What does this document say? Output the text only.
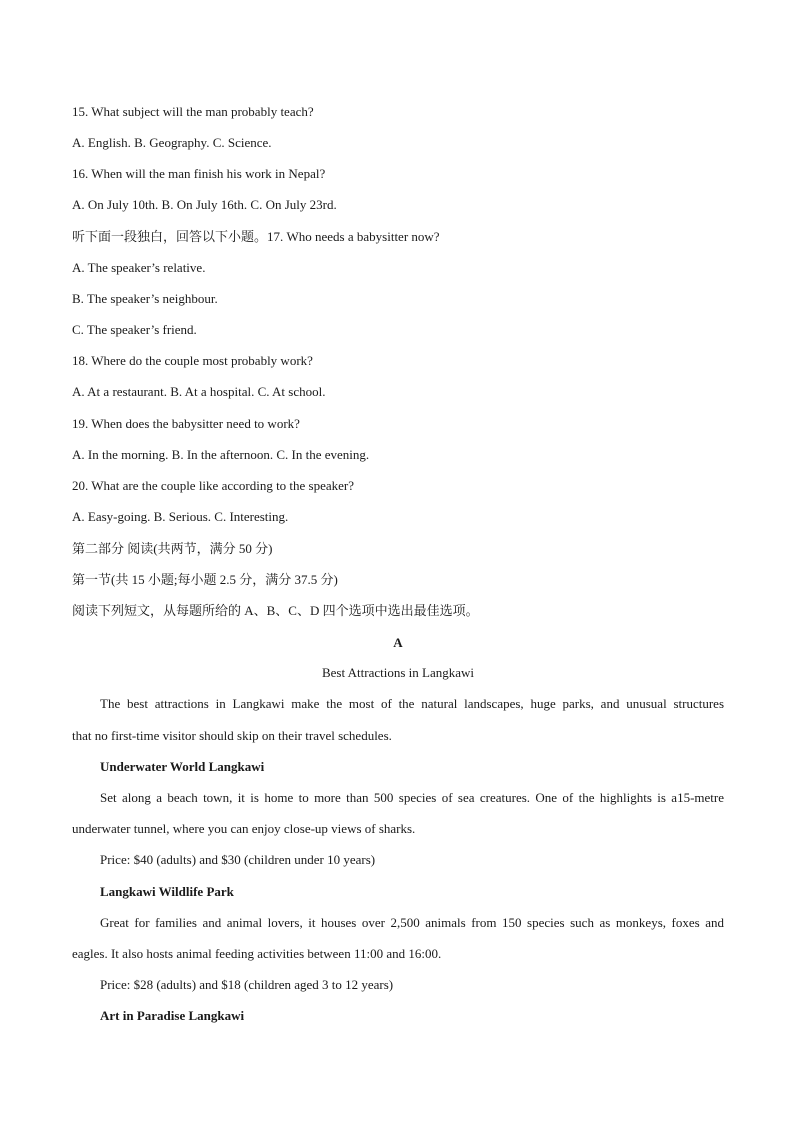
15. What subject will the man probably teach?
A. English. B. Geography. C. Science.
16. When will the man finish his work in Nepal?
A. On July 10th. B. On July 16th. C. On July 23rd.
听下面一段独白，回答以下小题。17. Who needs a babysitter now?
A. The speaker’s relative.
B. The speaker’s neighbour.
C. The speaker’s friend.
18. Where do the couple most probably work?
A. At a restaurant. B. At a hospital. C. At school.
19. When does the babysitter need to work?
A. In the morning. B. In the afternoon. C. In the evening.
20. What are the couple like according to the speaker?
A. Easy-going. B. Serious. C. Interesting.
第二部分 阅读(共两节，满分 50 分)
第一节(共 15 小题;每小题 2.5 分，满分 37.5 分)
阅读下列短文，从每题所给的 A、B、C、D 四个选项中选出最佳选项。
A
Best Attractions in Langkawi
The best attractions in Langkawi make the most of the natural landscapes, huge parks, and unusual structures
that no first-time visitor should skip on their travel schedules.
Underwater World Langkawi
Set along a beach town, it is home to more than 500 species of sea creatures. One of the highlights is a15-metre
underwater tunnel, where you can enjoy close-up views of sharks.
Price: $40 (adults) and $30 (children under 10 years)
Langkawi Wildlife Park
Great for families and animal lovers, it houses over 2,500 animals from 150 species such as monkeys, foxes and
eagles. It also hosts animal feeding activities between 11:00 and 16:00.
Price: $28 (adults) and $18 (children aged 3 to 12 years)
Art in Paradise Langkawi
